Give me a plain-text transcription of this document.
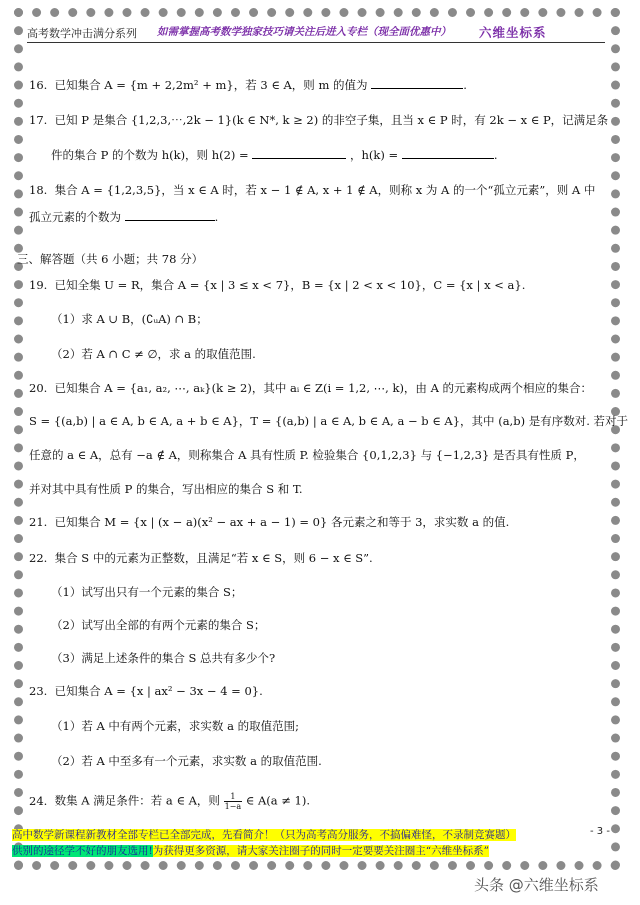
高考数学冲击满分系列 如需掌握高考数学独家技巧请关注后进入专栏（现全面优惠中） 六维坐标系
16. 已知集合 A = {m + 2,2m² + m}，若 3 ∈ A，则 m 的值为	.
17. 已知 P 是集合 {1,2,3,⋯,2k − 1}(k ∈ N*, k ≥ 2) 的非空子集，且当 x ∈ P 时，有 2k − x ∈ P，记满足条
件的集合 P 的个数为 h(k)，则 h(2) =	，h(k) =	.
18. 集合 A = {1,2,3,5}，当 x ∈ A 时，若 x − 1 ∉ A, x + 1 ∉ A，则称 x 为 A 的一个“孤立元素”，则 A 中
孤立元素的个数为	.
三、解答题（共 6 小题；共 78 分）
19. 已知全集 U = R，集合 A = {x | 3 ≤ x < 7}，B = {x | 2 < x < 10}，C = {x | x < a}.
（1）求 A ∪ B，(∁ᵤA) ∩ B；
（2）若 A ∩ C ≠ ∅，求 a 的取值范围.
20. 已知集合 A = {a₁, a₂, ⋯, aₖ}(k ≥ 2)，其中 aᵢ ∈ Z(i = 1,2, ⋯, k)，由 A 的元素构成两个相应的集合：
S = {(a,b) | a ∈ A, b ∈ A, a + b ∈ A}，T = {(a,b) | a ∈ A, b ∈ A, a − b ∈ A}，其中 (a,b) 是有序数对. 若对于
任意的 a ∈ A，总有 −a ∉ A，则称集合 A 具有性质 P. 检验集合 {0,1,2,3} 与 {−1,2,3} 是否具有性质 P，
并对其中具有性质 P 的集合，写出相应的集合 S 和 T.
21. 已知集合 M = {x | (x − a)(x² − ax + a − 1) = 0} 各元素之和等于 3，求实数 a 的值.
22. 集合 S 中的元素为正整数，且满足“若 x ∈ S，则 6 − x ∈ S”.
（1）试写出只有一个元素的集合 S；
（2）试写出全部的有两个元素的集合 S；
（3）满足上述条件的集合 S 总共有多少个?
23. 已知集合 A = {x | ax² − 3x − 4 = 0}.
（1）若 A 中有两个元素，求实数 a 的取值范围;
（2）若 A 中至多有一个元素，求实数 a 的取值范围.
24. 数集 A 满足条件：若 a ∈ A，则 $\frac{1}{1-a}$ ∈ A(a ≠ 1).
高中数学新课程新教材全部专栏已全部完成，先看简介！（只为高考高分服务，不搞偏难怪，不录制竞赛题）
供别的途径学不好的朋友选用!为获得更多资源，请大家关注圈子的同时一定要要关注圈主“六维坐标系”
- 3 -
头条 @六维坐标系
